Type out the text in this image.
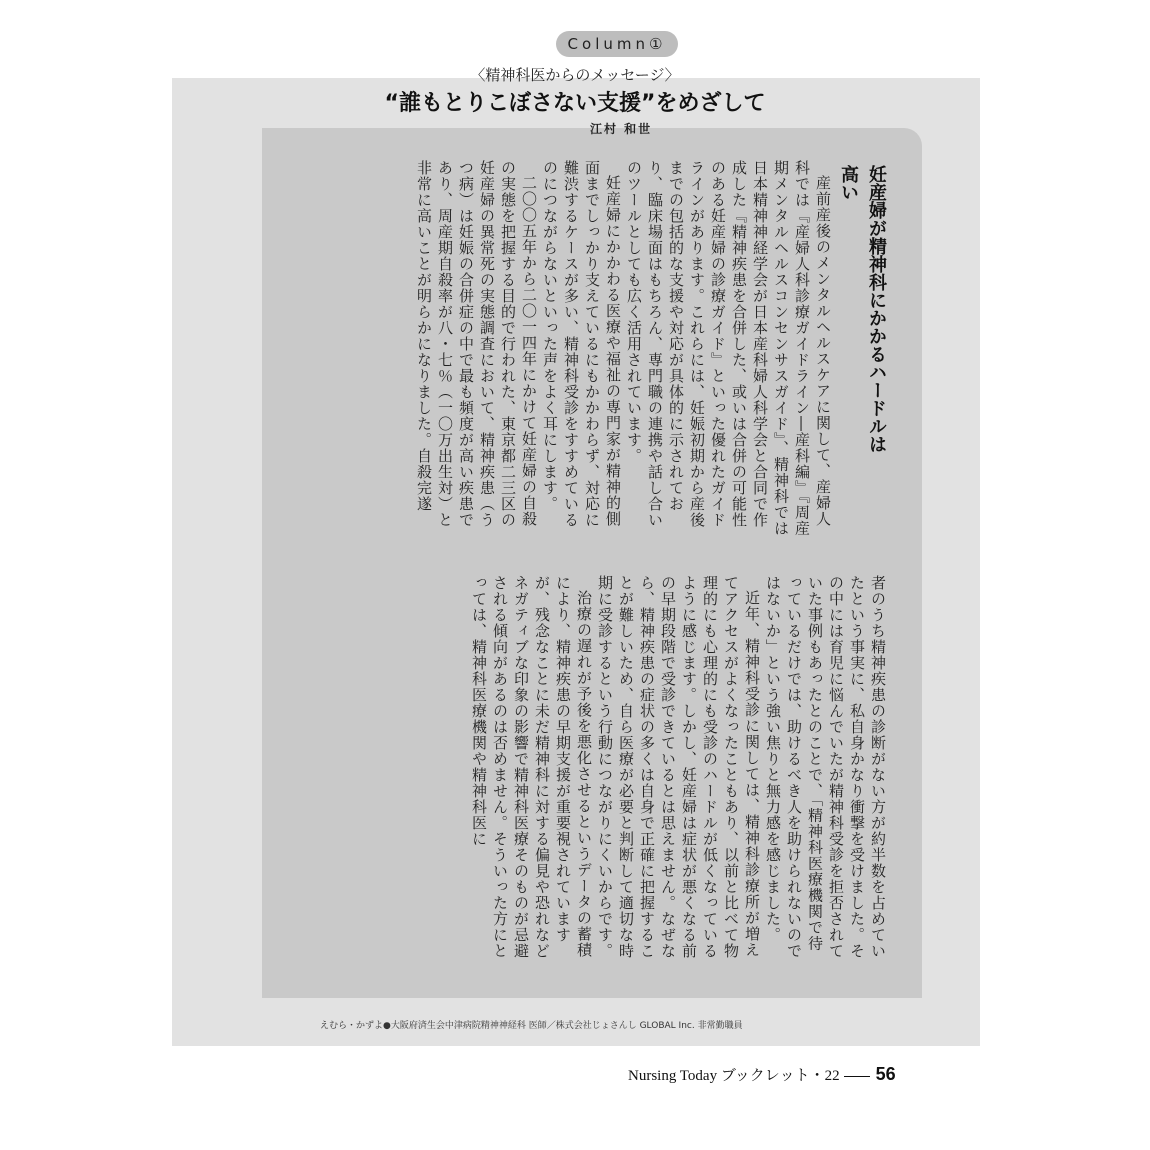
Column①
〈精神科医からのメッセージ〉
“誰もとりこぼさない支援”をめざして
江村 和世
妊産婦が精神科にかかるハードルは高い

産前産後のメンタルヘルスケアに関して、産婦人科では『産婦人科診療ガイドライン―産科編』『周産期メンタルヘルスコンセンサスガイド』、精神科では日本精神神経学会が日本産科婦人科学会と合同で作成した『精神疾患を合併した、或いは合併の可能性のある妊産婦の診療ガイド』といった優れたガイドラインがあります。これらには、妊娠初期から産後までの包括的な支援や対応が具体的に示されており、臨床場面はもちろん、専門職の連携や話し合いのツールとしても広く活用されています。

妊産婦にかかわる医療や福祉の専門家が精神的側面までしっかり支えているにもかかわらず、対応に難渋するケースが多い、精神科受診をすすめているのにつながらないといった声をよく耳にします。

二〇〇五年から二〇一四年にかけて妊産婦の自殺の実態を把握する目的で行われた、東京都二三区の妊産婦の異常死の実態調査において、精神疾患（うつ病）は妊娠の合併症の中で最も頻度が高い疾患であり、周産期自殺率が八・七％（一〇万出生対）と非常に高いことが明らかになりました。自殺完遂

者のうち精神疾患の診断がない方が約半数を占めていたという事実に、私自身かなり衝撃を受けました。その中には育児に悩んでいたが精神科受診を拒否されていた事例もあったとのことで、「精神科医療機関で待っているだけでは、助けるべき人を助けられないのではないか」という強い焦りと無力感を感じました。

近年、精神科受診に関しては、精神科診療所が増えてアクセスがよくなったこともあり、以前と比べて物理的にも心理的にも受診のハードルが低くなっているように感じます。しかし、妊産婦は症状が悪くなる前の早期段階で受診できているとは思えません。なぜなら、精神疾患の症状の多くは自身で正確に把握することが難しいため、自ら医療が必要と判断して適切な時期に受診するという行動につながりにくいからです。

治療の遅れが予後を悪化させるというデータの蓄積により、精神疾患の早期支援が重要視されていますが、残念なことに未だ精神科に対する偏見や恐れなどネガティブな印象の影響で精神科医療そのものが忌避される傾向があるのは否めません。そういった方にとっては、精神科医療機関や精神科医に

えむら・かずよ●大阪府済生会中津病院精神神経科 医師／株式会社じょさんし GLOBAL Inc. 非常勤職員
Nursing Today ブックレット・22 56
